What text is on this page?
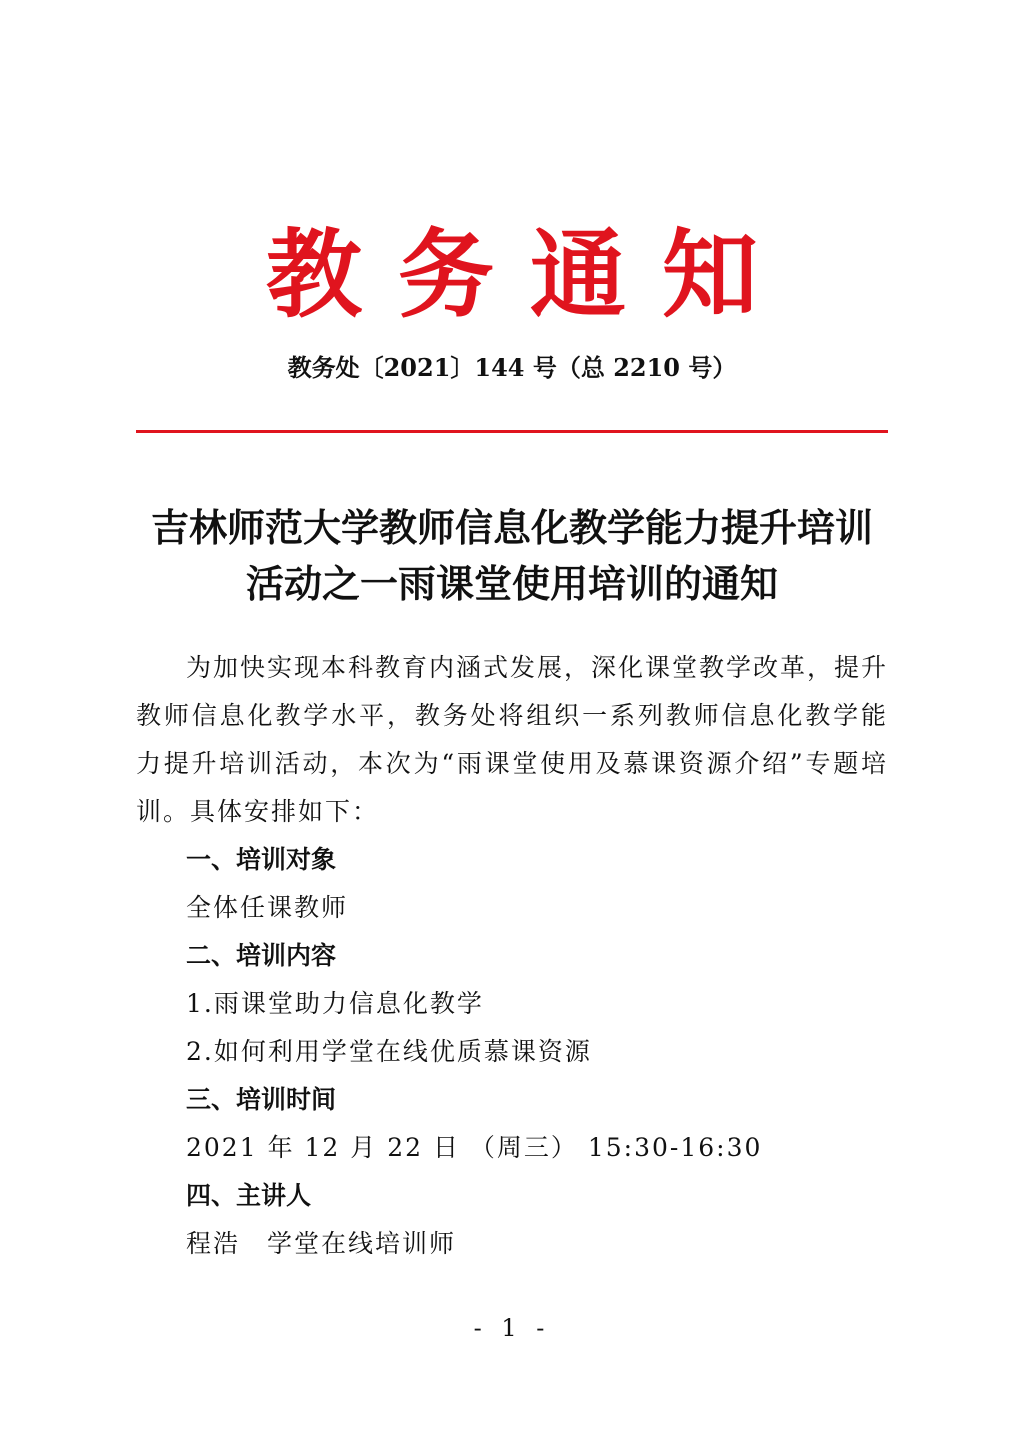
教务通知
教务处〔2021〕144 号（总 2210 号）
吉林师范大学教师信息化教学能力提升培训
活动之一雨课堂使用培训的通知

为加快实现本科教育内涵式发展，深化课堂教学改革，提升教师信息化教学水平，教务处将组织一系列教师信息化教学能力提升培训活动，本次为“雨课堂使用及慕课资源介绍”专题培训。具体安排如下：

一、培训对象

全体任课教师

二、培训内容

1.雨课堂助力信息化教学

2.如何利用学堂在线优质慕课资源

三、培训时间

2021 年 12 月 22 日 （周三） 15:30-16:30

四、主讲人

程浩　学堂在线培训师

- 1 -
